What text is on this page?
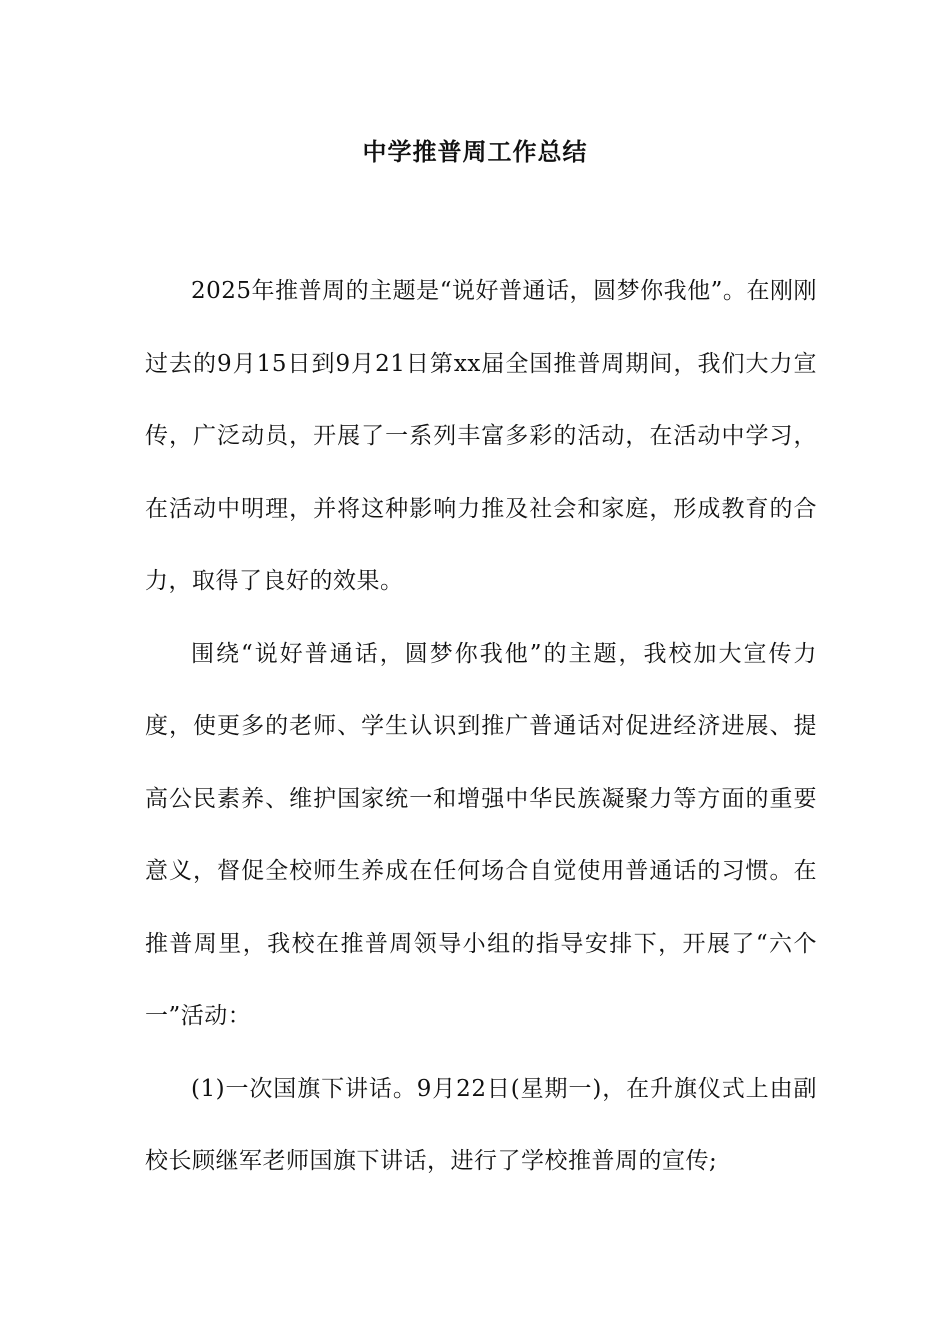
中学推普周工作总结

2025年推普周的主题是“说好普通话，圆梦你我他”。在刚刚过去的9月15日到9月21日第xx届全国推普周期间，我们大力宣传，广泛动员，开展了一系列丰富多彩的活动，在活动中学习，在活动中明理，并将这种影响力推及社会和家庭，形成教育的合力，取得了良好的效果。

围绕“说好普通话，圆梦你我他”的主题，我校加大宣传力度，使更多的老师、学生认识到推广普通话对促进经济进展、提高公民素养、维护国家统一和增强中华民族凝聚力等方面的重要意义，督促全校师生养成在任何场合自觉使用普通话的习惯。在推普周里，我校在推普周领导小组的指导安排下，开展了“六个一”活动：

(1)一次国旗下讲话。9月22日(星期一)，在升旗仪式上由副校长顾继军老师国旗下讲话，进行了学校推普周的宣传;
